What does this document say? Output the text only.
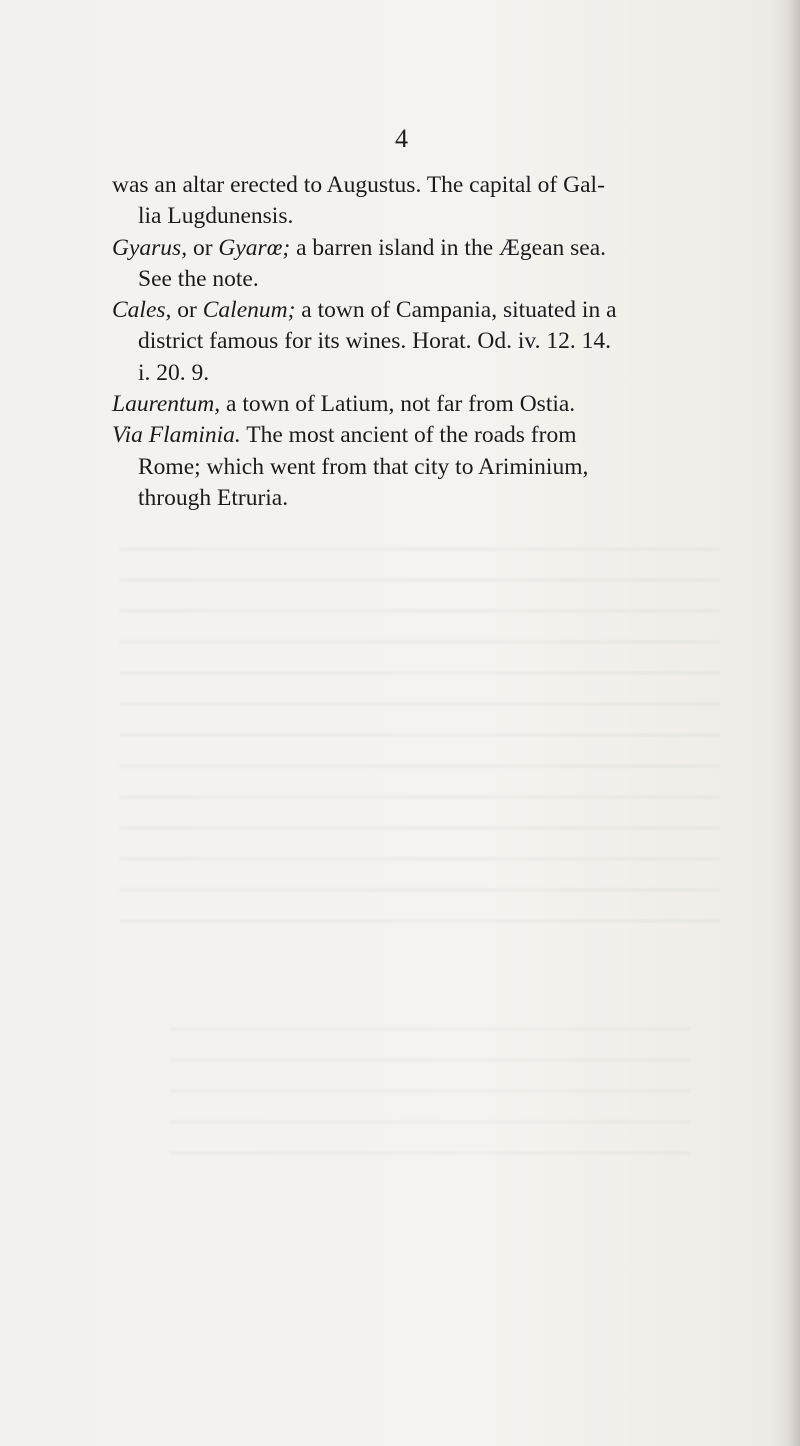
4

was an altar erected to Augustus. The capital of Gal-
lia Lugdunensis.

Gyarus, or Gyarœ; a barren island in the Ægean sea.
See the note.

Cales, or Calenum; a town of Campania, situated in a
district famous for its wines. Horat. Od. iv. 12. 14.
i. 20. 9.

Laurentum, a town of Latium, not far from Ostia.

Via Flaminia. The most ancient of the roads from
Rome; which went from that city to Ariminium,
through Etruria.
